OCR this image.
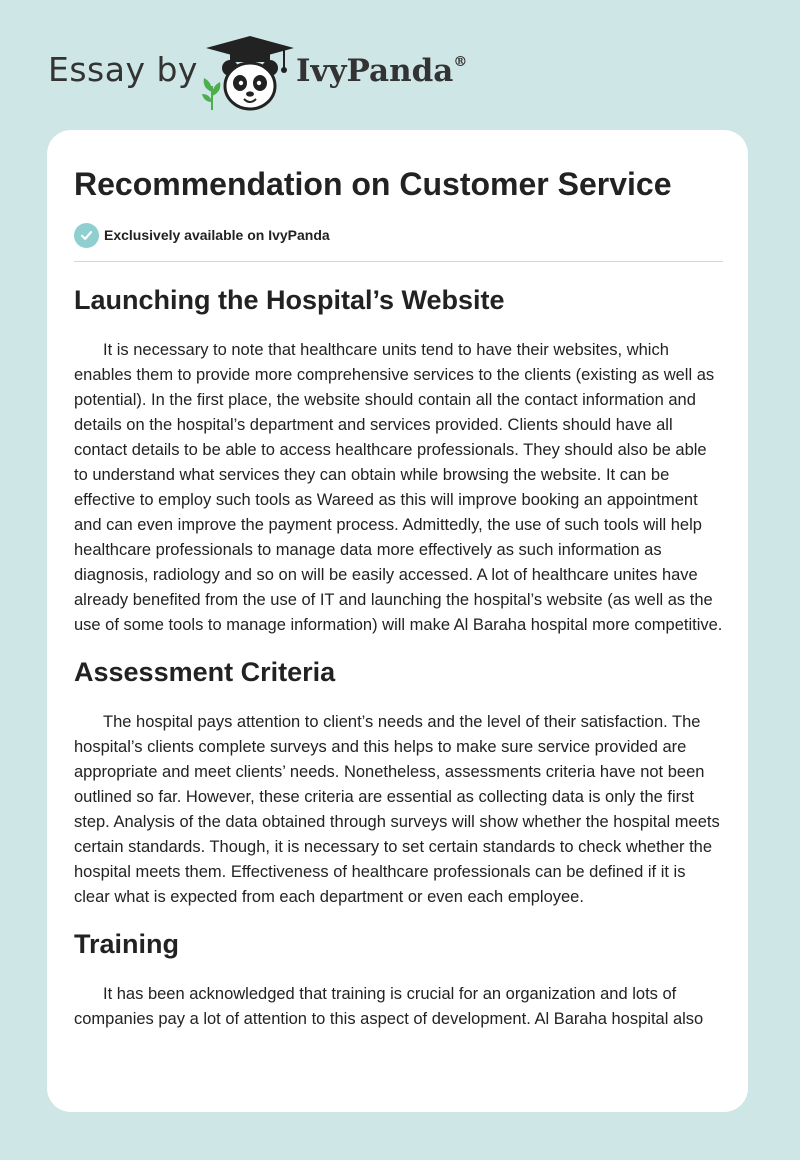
Essay by	IvyPanda®
Recommendation on Customer Service
Exclusively available on IvyPanda
Launching the Hospital’s Website

It is necessary to note that healthcare units tend to have their websites, which enables them to provide more comprehensive services to the clients (existing as well as potential). In the first place, the website should contain all the contact information and details on the hospital’s department and services provided. Clients should have all contact details to be able to access healthcare professionals. They should also be able to understand what services they can obtain while browsing the website. It can be effective to employ such tools as Wareed as this will improve booking an appointment and can even improve the payment process. Admittedly, the use of such tools will help healthcare professionals to manage data more effectively as such information as diagnosis, radiology and so on will be easily accessed. A lot of healthcare unites have already benefited from the use of IT and launching the hospital’s website (as well as the use of some tools to manage information) will make Al Baraha hospital more competitive.

Assessment Criteria

The hospital pays attention to client’s needs and the level of their satisfaction. The hospital’s clients complete surveys and this helps to make sure service provided are appropriate and meet clients’ needs. Nonetheless, assessments criteria have not been outlined so far. However, these criteria are essential as collecting data is only the first step. Analysis of the data obtained through surveys will show whether the hospital meets certain standards. Though, it is necessary to set certain standards to check whether the hospital meets them. Effectiveness of healthcare professionals can be defined if it is clear what is expected from each department or even each employee.

Training

It has been acknowledged that training is crucial for an organization and lots of companies pay a lot of attention to this aspect of development. Al Baraha hospital also
